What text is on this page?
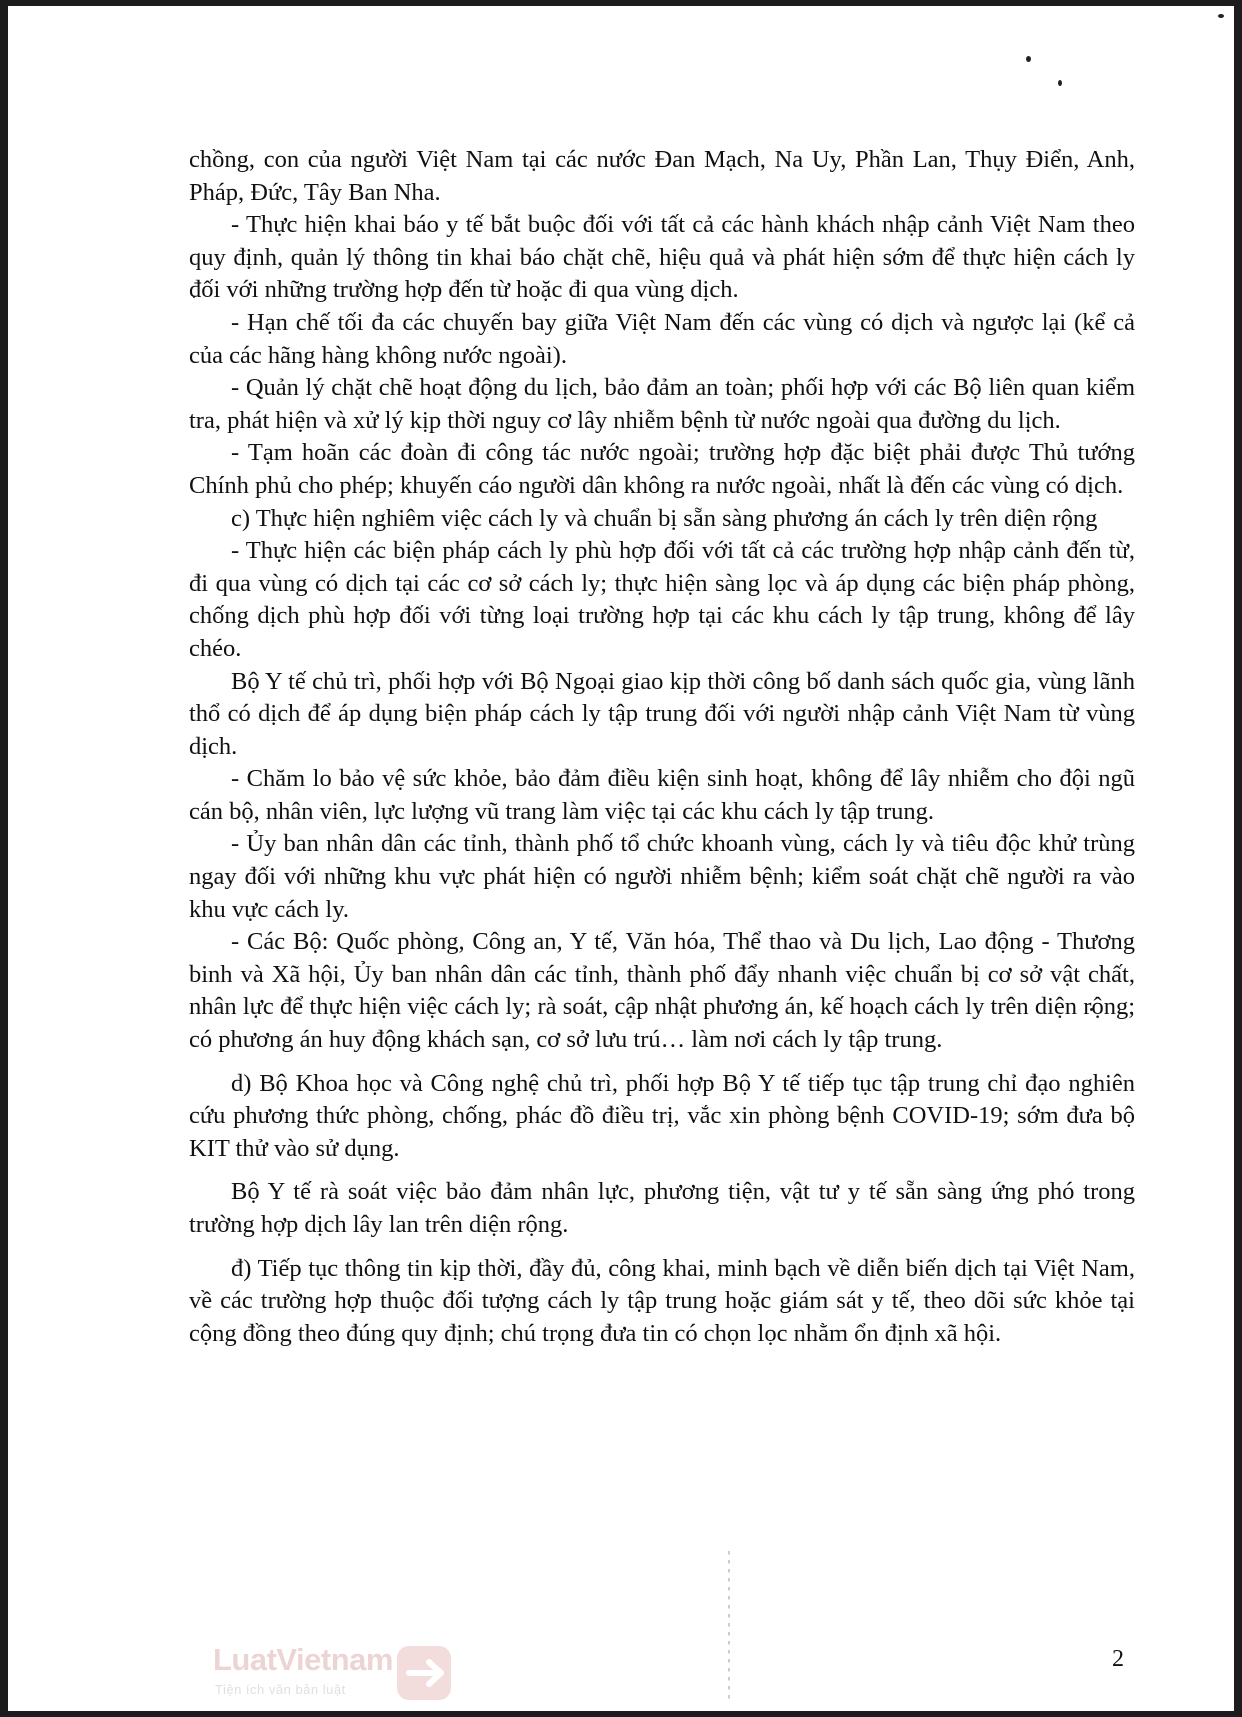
chồng, con của người Việt Nam tại các nước Đan Mạch, Na Uy, Phần Lan, Thụy Điển, Anh, Pháp, Đức, Tây Ban Nha.

- Thực hiện khai báo y tế bắt buộc đối với tất cả các hành khách nhập cảnh Việt Nam theo quy định, quản lý thông tin khai báo chặt chẽ, hiệu quả và phát hiện sớm để thực hiện cách ly đối với những trường hợp đến từ hoặc đi qua vùng dịch.

- Hạn chế tối đa các chuyến bay giữa Việt Nam đến các vùng có dịch và ngược lại (kể cả của các hãng hàng không nước ngoài).

- Quản lý chặt chẽ hoạt động du lịch, bảo đảm an toàn; phối hợp với các Bộ liên quan kiểm tra, phát hiện và xử lý kịp thời nguy cơ lây nhiễm bệnh từ nước ngoài qua đường du lịch.

- Tạm hoãn các đoàn đi công tác nước ngoài; trường hợp đặc biệt phải được Thủ tướng Chính phủ cho phép; khuyến cáo người dân không ra nước ngoài, nhất là đến các vùng có dịch.

c) Thực hiện nghiêm việc cách ly và chuẩn bị sẵn sàng phương án cách ly trên diện rộng

- Thực hiện các biện pháp cách ly phù hợp đối với tất cả các trường hợp nhập cảnh đến từ, đi qua vùng có dịch tại các cơ sở cách ly; thực hiện sàng lọc và áp dụng các biện pháp phòng, chống dịch phù hợp đối với từng loại trường hợp tại các khu cách ly tập trung, không để lây chéo.

Bộ Y tế chủ trì, phối hợp với Bộ Ngoại giao kịp thời công bố danh sách quốc gia, vùng lãnh thổ có dịch để áp dụng biện pháp cách ly tập trung đối với người nhập cảnh Việt Nam từ vùng dịch.

- Chăm lo bảo vệ sức khỏe, bảo đảm điều kiện sinh hoạt, không để lây nhiễm cho đội ngũ cán bộ, nhân viên, lực lượng vũ trang làm việc tại các khu cách ly tập trung.

- Ủy ban nhân dân các tỉnh, thành phố tổ chức khoanh vùng, cách ly và tiêu độc khử trùng ngay đối với những khu vực phát hiện có người nhiễm bệnh; kiểm soát chặt chẽ người ra vào khu vực cách ly.

- Các Bộ: Quốc phòng, Công an, Y tế, Văn hóa, Thể thao và Du lịch, Lao động - Thương binh và Xã hội, Ủy ban nhân dân các tỉnh, thành phố đẩy nhanh việc chuẩn bị cơ sở vật chất, nhân lực để thực hiện việc cách ly; rà soát, cập nhật phương án, kế hoạch cách ly trên diện rộng; có phương án huy động khách sạn, cơ sở lưu trú… làm nơi cách ly tập trung.

d) Bộ Khoa học và Công nghệ chủ trì, phối hợp Bộ Y tế tiếp tục tập trung chỉ đạo nghiên cứu phương thức phòng, chống, phác đồ điều trị, vắc xin phòng bệnh COVID-19; sớm đưa bộ KIT thử vào sử dụng.

Bộ Y tế rà soát việc bảo đảm nhân lực, phương tiện, vật tư y tế sẵn sàng ứng phó trong trường hợp dịch lây lan trên diện rộng.

đ) Tiếp tục thông tin kịp thời, đầy đủ, công khai, minh bạch về diễn biến dịch tại Việt Nam, về các trường hợp thuộc đối tượng cách ly tập trung hoặc giám sát y tế, theo dõi sức khỏe tại cộng đồng theo đúng quy định; chú trọng đưa tin có chọn lọc nhằm ổn định xã hội.

LuatVietnam
Tiện ích văn bản luật
2
